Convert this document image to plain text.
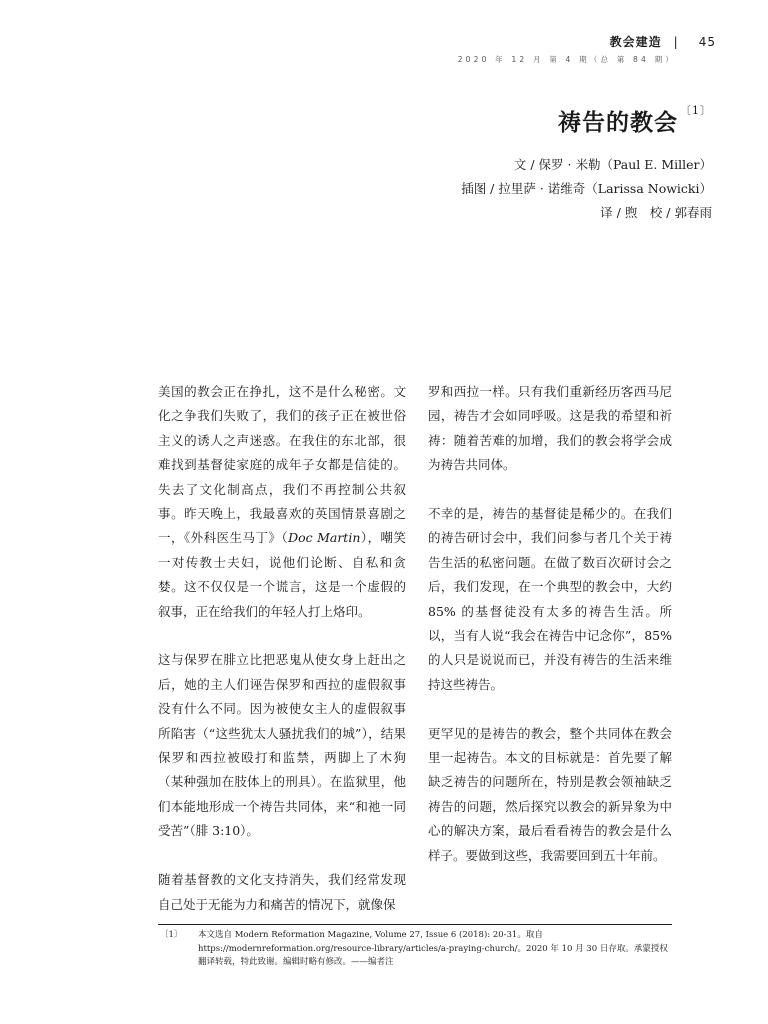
教会建造 | 45
2020 年 12 月 第 4 期（总 第 84 期）
祷告的教会 $^{〔1〕}$
文 / 保罗 · 米勒（Paul E. Miller）
插图 / 拉里萨 · 诺维奇（Larissa Nowicki）
译 / 煦　校 / 郭春雨

美国的教会正在挣扎，这不是什么秘密。文化之争我们失败了，我们的孩子正在被世俗主义的诱人之声迷惑。在我住的东北部，很难找到基督徒家庭的成年子女都是信徒的。失去了文化制高点，我们不再控制公共叙事。昨天晚上，我最喜欢的英国情景喜剧之一，《外科医生马丁》（Doc Martin），嘲笑一对传教士夫妇，说他们论断、自私和贪婪。这不仅仅是一个谎言，这是一个虚假的叙事，正在给我们的年轻人打上烙印。

这与保罗在腓立比把恶鬼从使女身上赶出之后，她的主人们诬告保罗和西拉的虚假叙事没有什么不同。因为被使女主人的虚假叙事所陷害（“这些犹太人骚扰我们的城”），结果保罗和西拉被殴打和监禁，两脚上了木狗（某种强加在肢体上的刑具）。在监狱里，他们本能地形成一个祷告共同体，来“和祂一同受苦”（腓 3:10）。

随着基督教的文化支持消失，我们经常发现自己处于无能为力和痛苦的情况下，就像保

罗和西拉一样。只有我们重新经历客西马尼园，祷告才会如同呼吸。这是我的希望和祈祷：随着苦难的加增，我们的教会将学会成为祷告共同体。

不幸的是，祷告的基督徒是稀少的。在我们的祷告研讨会中，我们问参与者几个关于祷告生活的私密问题。在做了数百次研讨会之后，我们发现，在一个典型的教会中，大约 85% 的基督徒没有太多的祷告生活。所以，当有人说“我会在祷告中记念你”，85% 的人只是说说而已，并没有祷告的生活来维持这些祷告。

更罕见的是祷告的教会，整个共同体在教会里一起祷告。本文的目标就是：首先要了解缺乏祷告的问题所在，特别是教会领袖缺乏祷告的问题，然后探究以教会的新异象为中心的解决方案，最后看看祷告的教会是什么样子。要做到这些，我需要回到五十年前。

〔1〕 本文选自 Modern Reformation Magazine, Volume 27, Issue 6 (2018): 20-31。取自 https://modernreformation.org/resource-library/articles/a-praying-church/。2020 年 10 月 30 日存取。承蒙授权翻译转载，特此致谢。编辑时略有修改。——编者注
